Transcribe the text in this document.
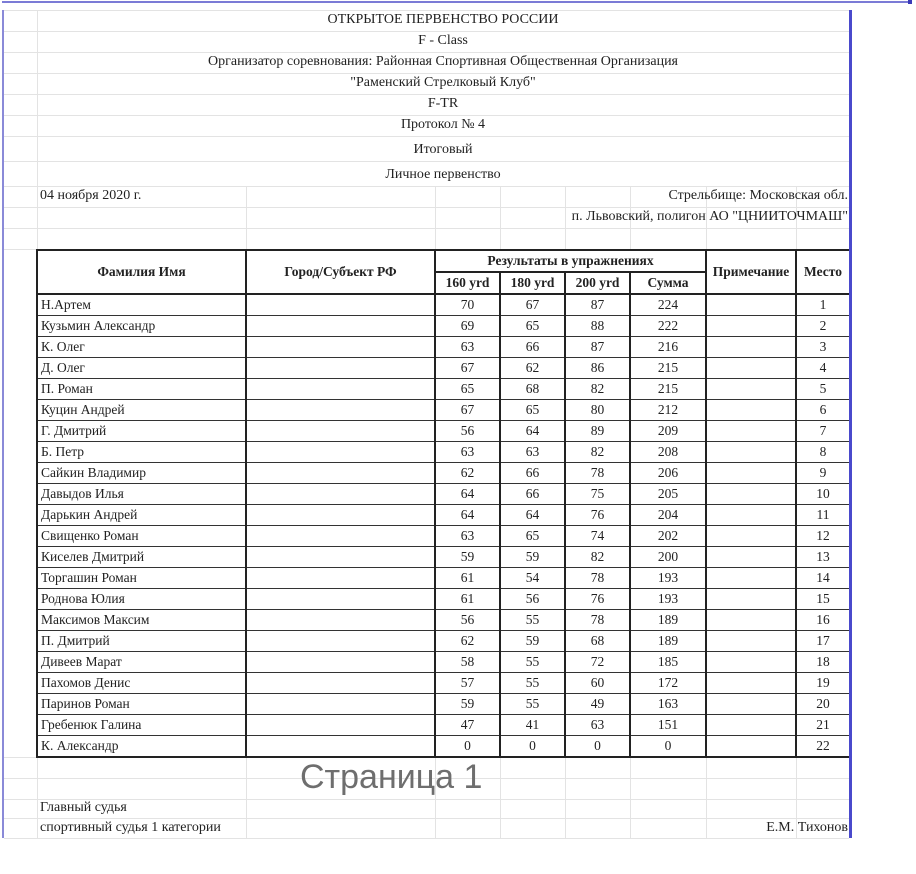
ОТКРЫТОЕ ПЕРВЕНСТВО РОССИИ
F - Class
Организатор соревнования: Районная Спортивная Общественная Организация
"Раменский Стрелковый Клуб"
F-TR
Протокол № 4
Итоговый
Личное первенство
04 ноября 2020 г.	Стрельбище: Московская обл.
п. Львовский, полигон АО "ЦНИИТОЧМАШ"
Фамилия Имя	Город/Субъект РФ	Результаты в упражнениях				Примечание	Место
		160 yrd	180 yrd	200 yrd	Сумма		
Н.Артем		70	67	87	224		1
Кузьмин Александр		69	65	88	222		2
К. Олег		63	66	87	216		3
Д. Олег		67	62	86	215		4
П. Роман		65	68	82	215		5
Куцин Андрей		67	65	80	212		6
Г. Дмитрий		56	64	89	209		7
Б. Петр		63	63	82	208		8
Сайкин Владимир		62	66	78	206		9
Давыдов Илья		64	66	75	205		10
Дарькин Андрей		64	64	76	204		11
Свищенко Роман		63	65	74	202		12
Киселев Дмитрий		59	59	82	200		13
Торгашин Роман		61	54	78	193		14
Роднова Юлия		61	56	76	193		15
Максимов Максим		56	55	78	189		16
П. Дмитрий		62	59	68	189		17
Дивеев Марат		58	55	72	185		18
Пахомов Денис		57	55	60	172		19
Паринов Роман		59	55	49	163		20
Гребенюк Галина		47	41	63	151		21
К. Александр		0	0	0	0		22
Страница 1
Главный судья
спортивный судья 1 категории	Е.М. Тихонов
